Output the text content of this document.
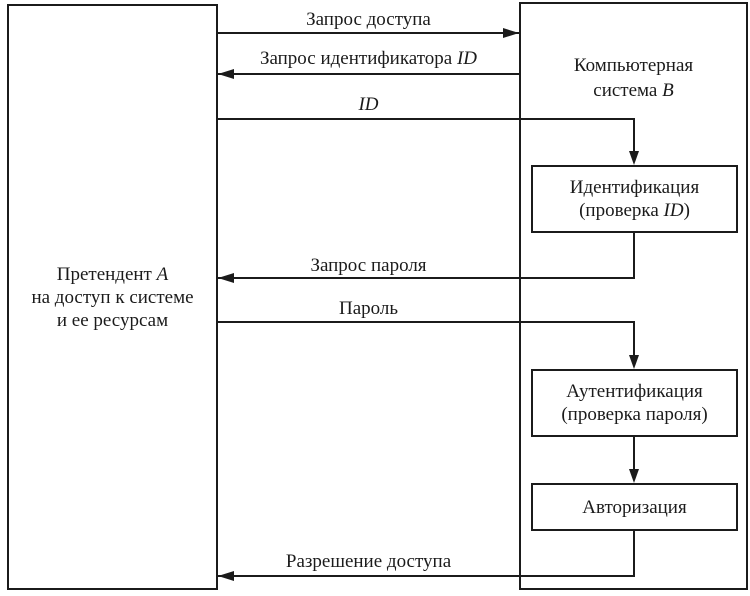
Претендент A
на доступ к системе
и ее ресурсам
Компьютерная
система B
Идентификация
(проверка ID)
Аутентификация
(проверка пароля)
Авторизация
Запрос доступа
Запрос идентификатора ID
ID
Запрос пароля
Пароль
Разрешение доступа
